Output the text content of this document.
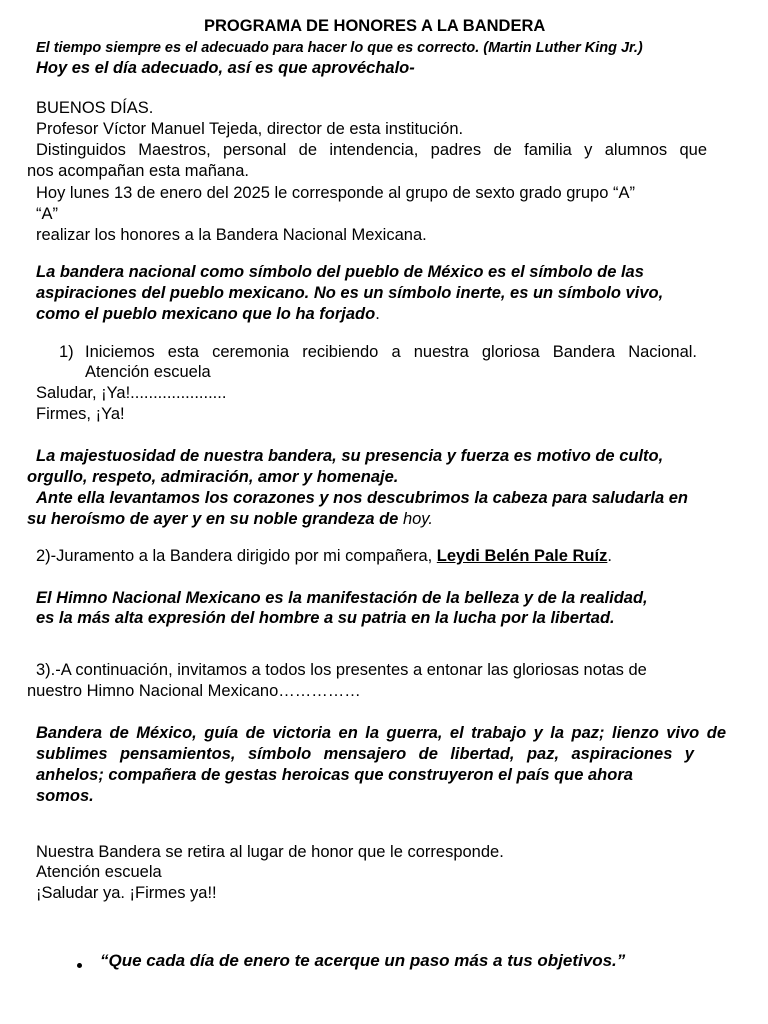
PROGRAMA DE HONORES A LA BANDERA
El tiempo siempre es el adecuado para hacer lo que es correcto. (Martin Luther King Jr.)
Hoy es el día adecuado, así es que aprovéchalo-
BUENOS DÍAS.
Profesor Víctor Manuel Tejeda, director de esta institución.
Distinguidos Maestros, personal de intendencia, padres de familia y alumnos que
nos acompañan esta mañana.
Hoy lunes 13 de enero del 2025 le corresponde al grupo de sexto grado grupo “A”
“A”
realizar los honores a la Bandera Nacional Mexicana.
La bandera nacional como símbolo del pueblo de México es el símbolo de las
aspiraciones del pueblo mexicano. No es un símbolo inerte, es un símbolo vivo,
como el pueblo mexicano que lo ha forjado.
1) Iniciemos esta ceremonia recibiendo a nuestra gloriosa Bandera Nacional.
Atención escuela
Saludar, ¡Ya!.....................
Firmes, ¡Ya!
La majestuosidad de nuestra bandera, su presencia y fuerza es motivo de culto,
orgullo, respeto, admiración, amor y homenaje.
Ante ella levantamos los corazones y nos descubrimos la cabeza para saludarla en
su heroísmo de ayer y en su noble grandeza de hoy.
2)-Juramento a la Bandera dirigido por mi compañera, Leydi Belén Pale Ruíz.
El Himno Nacional Mexicano es la manifestación de la belleza y de la realidad,
es la más alta expresión del hombre a su patria en la lucha por la libertad.
3).-A continuación, invitamos a todos los presentes a entonar las gloriosas notas de
nuestro Himno Nacional Mexicano……………
Bandera de México, guía de victoria en la guerra, el trabajo y la paz; lienzo vivo de
sublimes pensamientos, símbolo mensajero de libertad, paz, aspiraciones y
anhelos; compañera de gestas heroicas que construyeron el país que ahora
somos.
Nuestra Bandera se retira al lugar de honor que le corresponde.
Atención escuela
¡Saludar ya. ¡Firmes ya!!
“Que cada día de enero te acerque un paso más a tus objetivos.”
